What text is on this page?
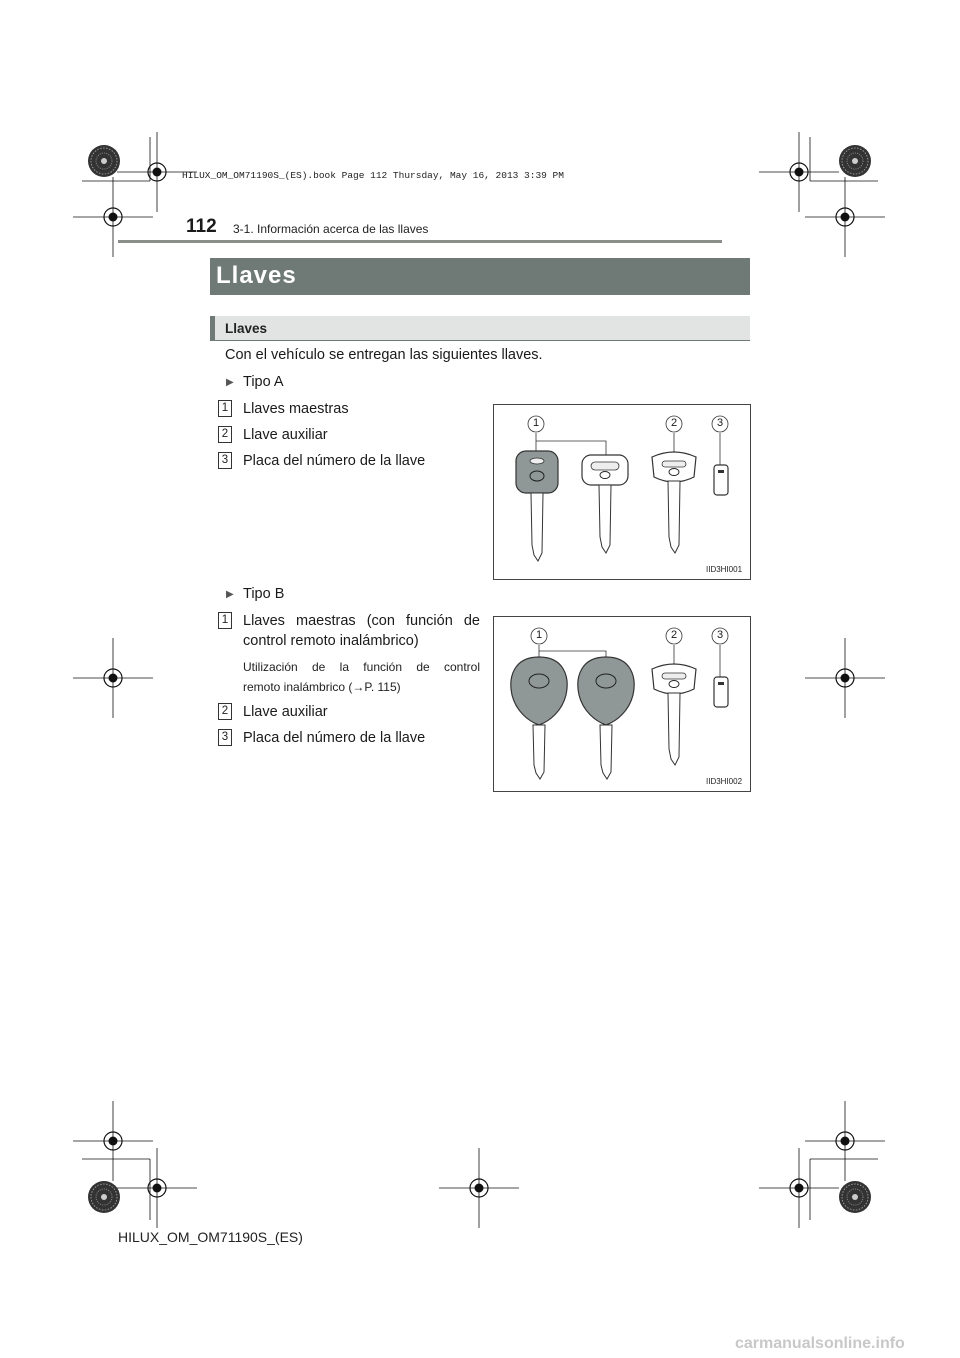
HILUX_OM_OM71190S_(ES).book Page 112 Thursday, May 16, 2013 3:39 PM
112 3-1. Información acerca de las llaves
Llaves
Llaves
Con el vehículo se entregan las siguientes llaves.
▶ Tipo A
1 Llaves maestras
2 Llave auxiliar
3 Placa del número de la llave
1	2	3
IID3HI001
▶ Tipo B
1 Llaves maestras (con función de
control remoto inalámbrico)
Utilización de la función de control
remoto inalámbrico (→P. 115)
2 Llave auxiliar
3 Placa del número de la llave
1	2	3
IID3HI002
HILUX_OM_OM71190S_(ES)
carmanualsonline.info
